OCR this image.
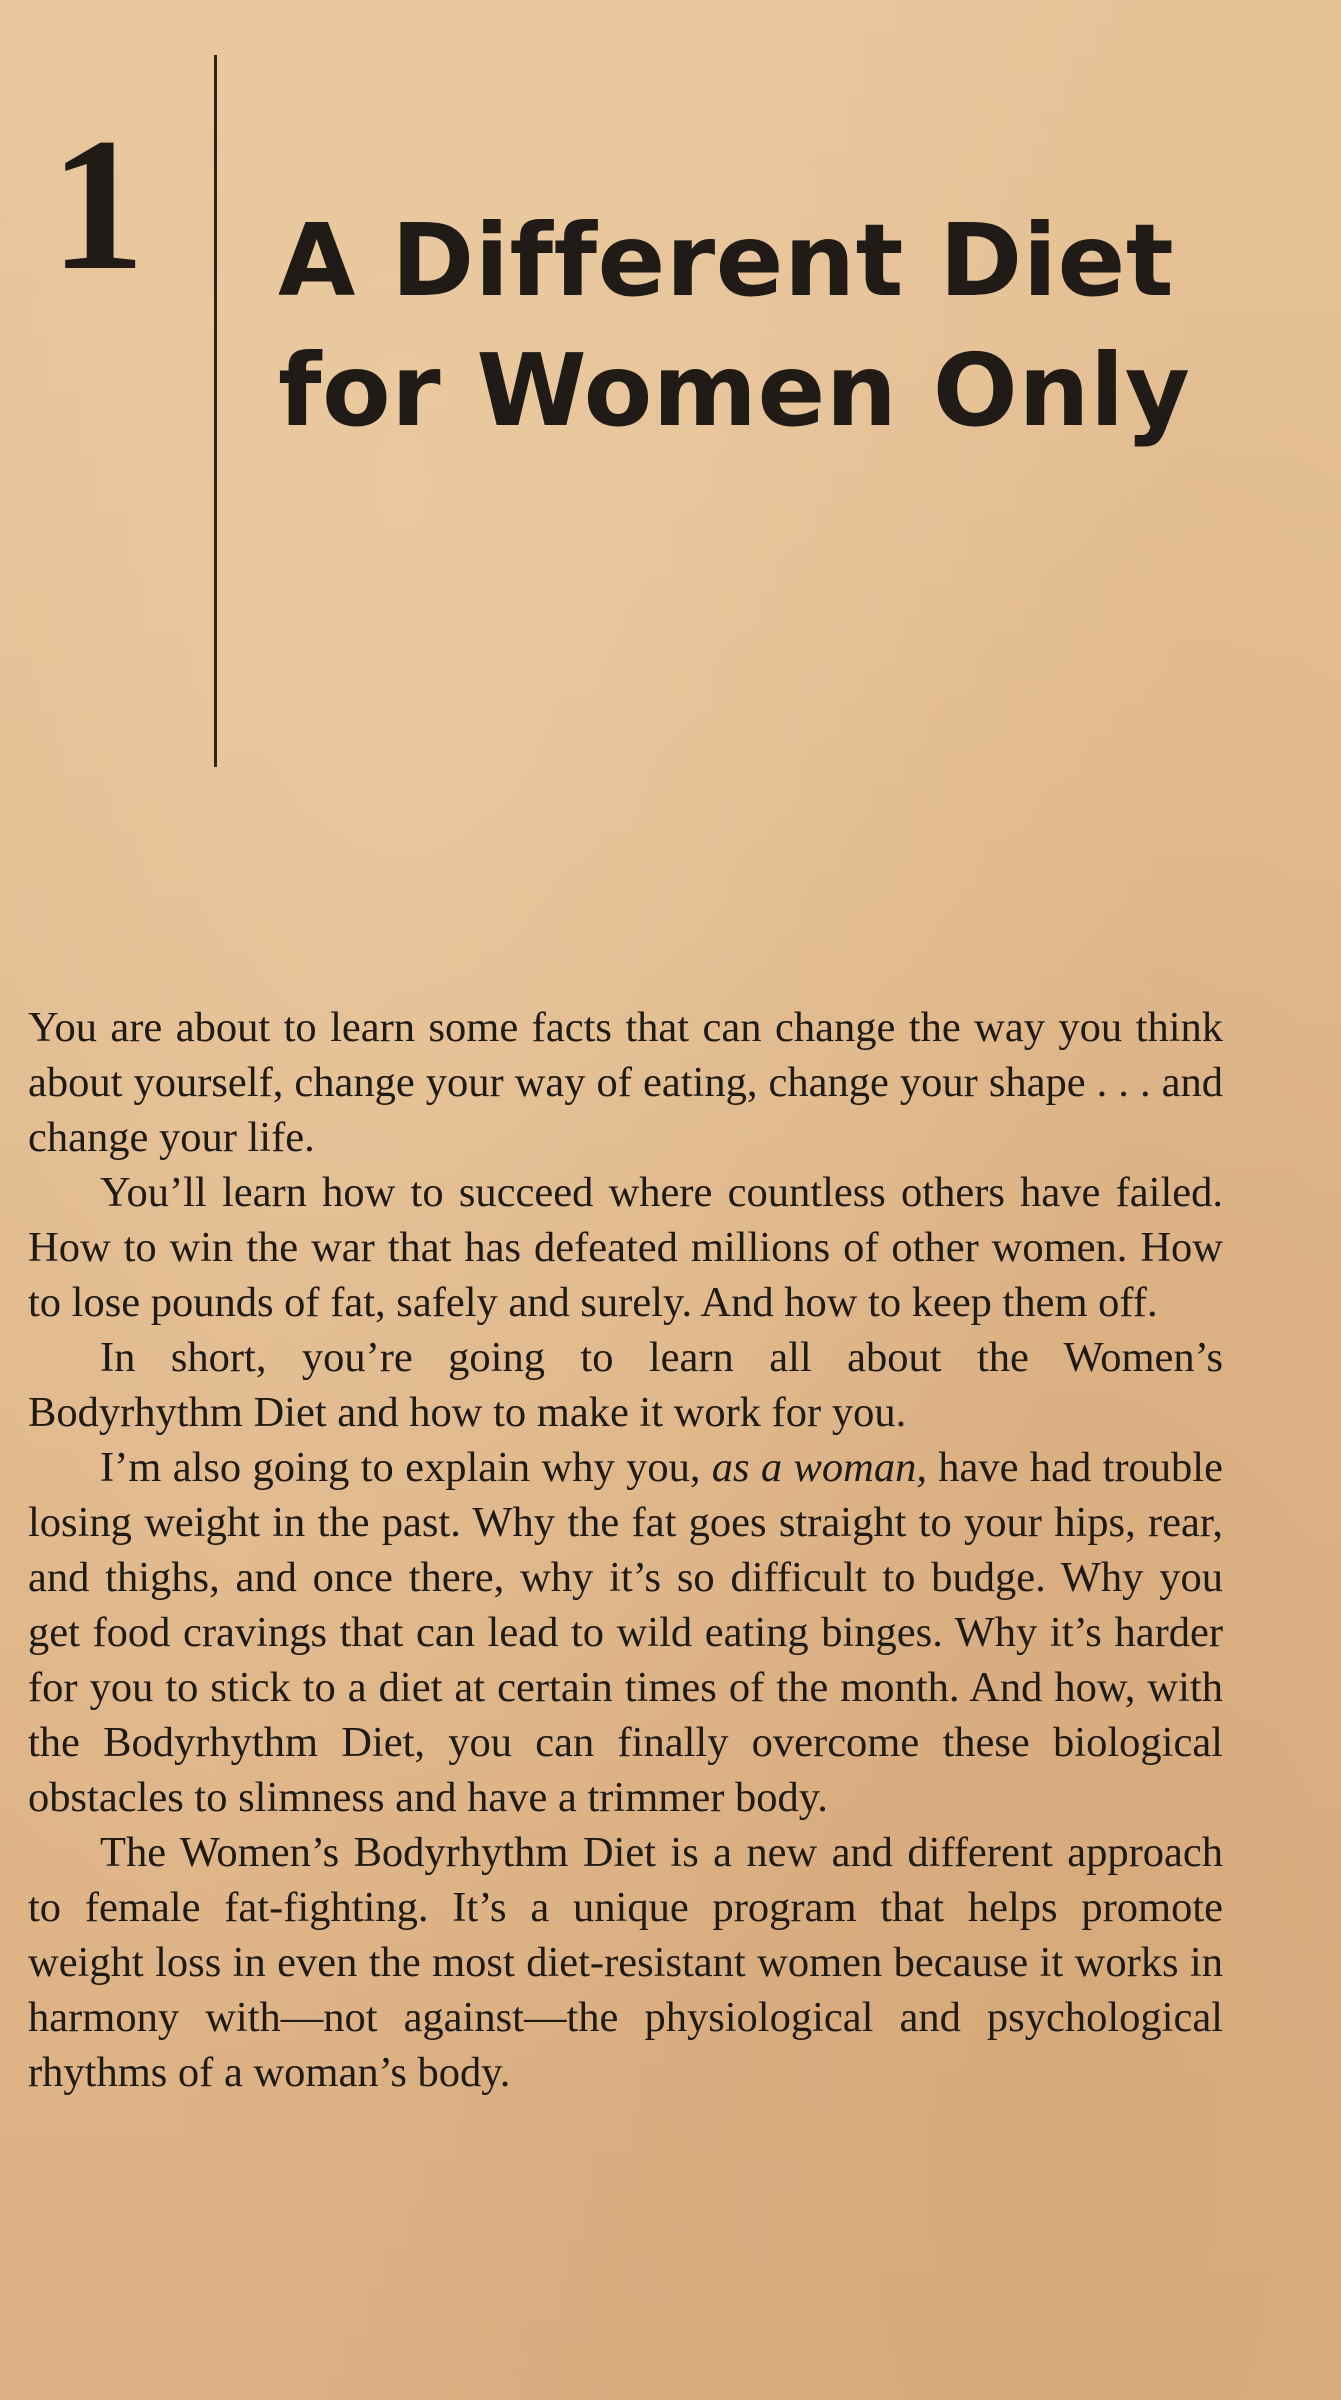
1 A Different Diet
for Women Only

You are about to learn some facts that can change the way you think about yourself, change your way of eating, change your shape . . . and change your life.

You’ll learn how to succeed where countless others have failed. How to win the war that has defeated millions of other women. How to lose pounds of fat, safely and surely. And how to keep them off.

In short, you’re going to learn all about the Women’s Bodyrhythm Diet and how to make it work for you.

I’m also going to explain why you, as a woman, have had trouble losing weight in the past. Why the fat goes straight to your hips, rear, and thighs, and once there, why it’s so difficult to budge. Why you get food cravings that can lead to wild eating binges. Why it’s harder for you to stick to a diet at certain times of the month. And how, with the Bodyrhythm Diet, you can finally overcome these biological obstacles to slimness and have a trimmer body.

The Women’s Bodyrhythm Diet is a new and different approach to female fat-fighting. It’s a unique program that helps promote weight loss in even the most diet-resistant women because it works in harmony with—not against—the physiological and psychological rhythms of a woman’s body.
